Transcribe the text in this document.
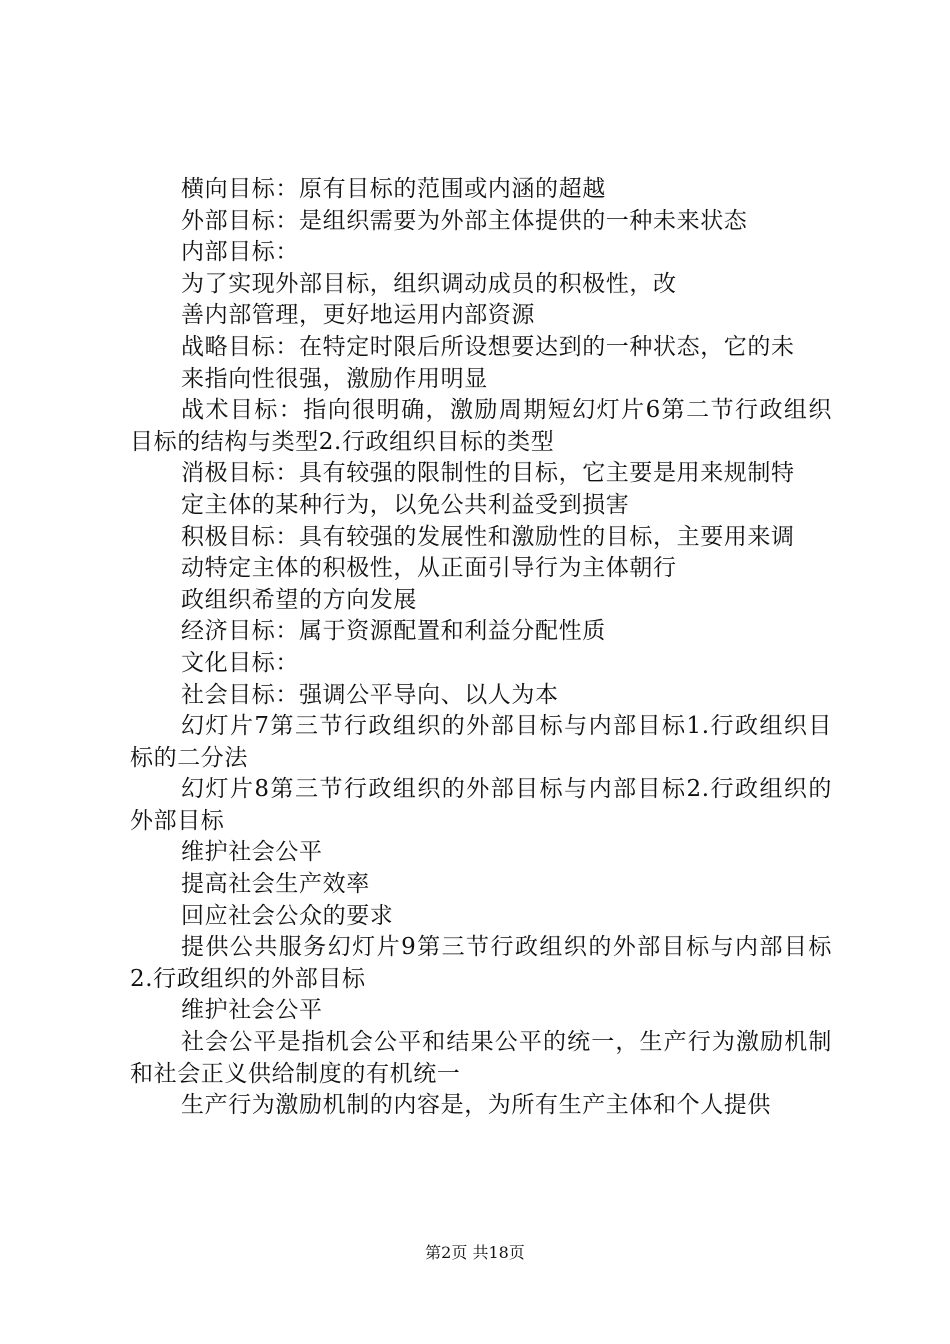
横向目标：原有目标的范围或内涵的超越

外部目标：是组织需要为外部主体提供的一种未来状态

内部目标：

为了实现外部目标，组织调动成员的积极性，改

善内部管理，更好地运用内部资源

战略目标：在特定时限后所设想要达到的一种状态，它的未

来指向性很强，激励作用明显

战术目标：指向很明确，激励周期短幻灯片6第二节行政组织目标的结构与类型2.行政组织目标的类型

消极目标：具有较强的限制性的目标，它主要是用来规制特

定主体的某种行为，以免公共利益受到损害

积极目标：具有较强的发展性和激励性的目标，主要用来调

动特定主体的积极性，从正面引导行为主体朝行

政组织希望的方向发展

经济目标：属于资源配置和利益分配性质

文化目标：

社会目标：强调公平导向、以人为本

幻灯片7第三节行政组织的外部目标与内部目标1.行政组织目标的二分法

幻灯片8第三节行政组织的外部目标与内部目标2.行政组织的外部目标

维护社会公平

提高社会生产效率

回应社会公众的要求

提供公共服务幻灯片9第三节行政组织的外部目标与内部目标2.行政组织的外部目标

维护社会公平

社会公平是指机会公平和结果公平的统一，生产行为激励机制和社会正义供给制度的有机统一

生产行为激励机制的内容是，为所有生产主体和个人提供

第2页 共18页
